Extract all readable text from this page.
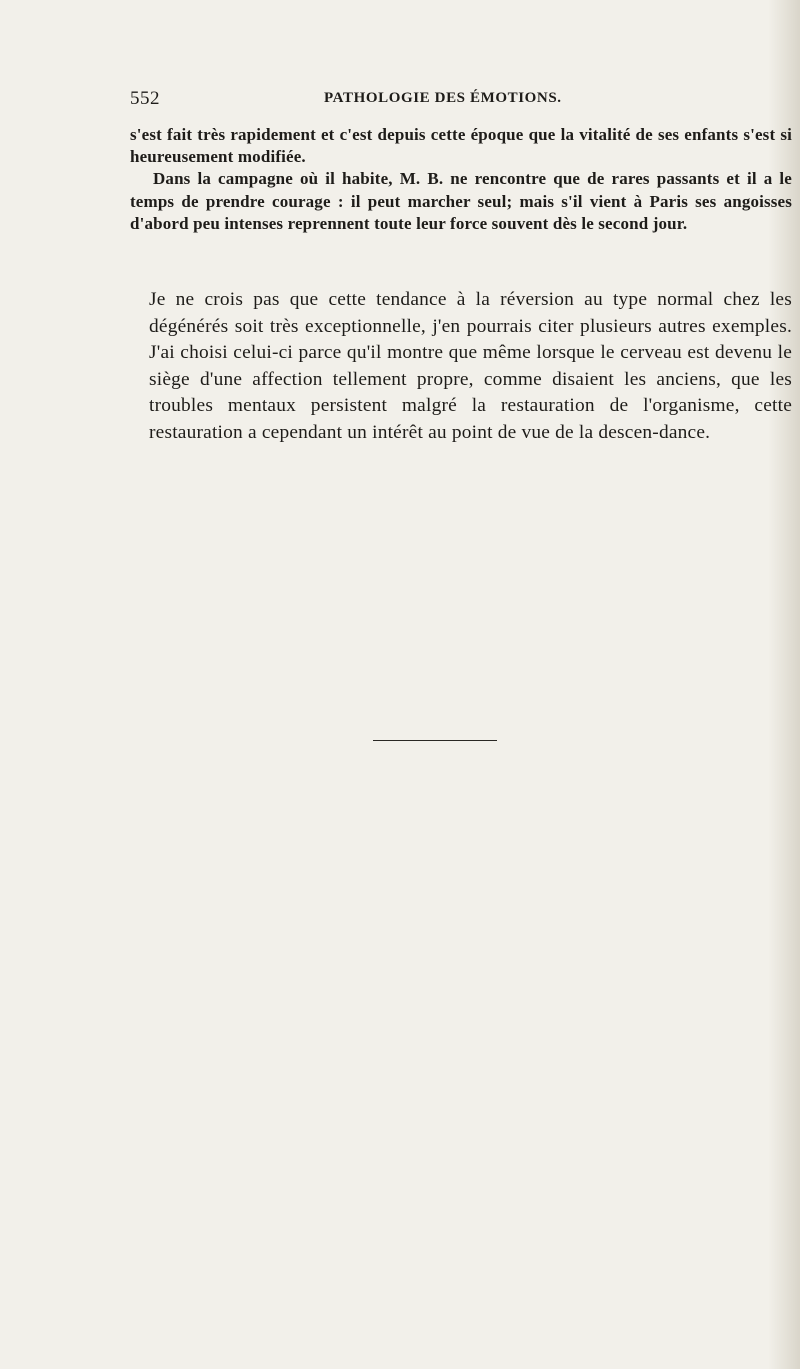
552	PATHOLOGIE DES ÉMOTIONS.

s'est fait très rapidement et c'est depuis cette époque que la vitalité de ses enfants s'est si heureusement modifiée.

Dans la campagne où il habite, M. B. ne rencontre que de rares passants et il a le temps de prendre courage : il peut marcher seul; mais s'il vient à Paris ses angoisses d'abord peu intenses reprennent toute leur force souvent dès le second jour.

Je ne crois pas que cette tendance à la réversion au type normal chez les dégénérés soit très exceptionnelle, j'en pourrais citer plusieurs autres exemples. J'ai choisi celui-ci parce qu'il montre que même lorsque le cerveau est devenu le siège d'une affection tellement propre, comme disaient les anciens, que les troubles mentaux persistent malgré la restauration de l'organisme, cette restauration a cependant un intérêt au point de vue de la descen-dance.
